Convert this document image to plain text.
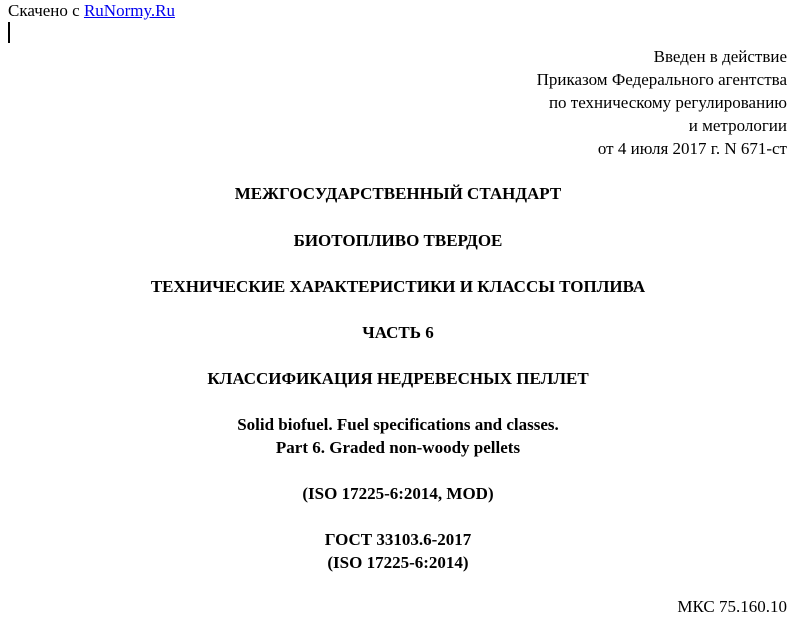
Скачено с RuNormy.Ru
Введен в действие
Приказом Федерального агентства
по техническому регулированию
и метрологии
от 4 июля 2017 г. N 671-ст
МЕЖГОСУДАРСТВЕННЫЙ СТАНДАРТ
БИОТОПЛИВО ТВЕРДОЕ
ТЕХНИЧЕСКИЕ ХАРАКТЕРИСТИКИ И КЛАССЫ ТОПЛИВА
ЧАСТЬ 6
КЛАССИФИКАЦИЯ НЕДРЕВЕСНЫХ ПЕЛЛЕТ
Solid biofuel. Fuel specifications and classes.
Part 6. Graded non-woody pellets
(ISO 17225-6:2014, MOD)
ГОСТ 33103.6-2017
(ISO 17225-6:2014)
МКС 75.160.10
